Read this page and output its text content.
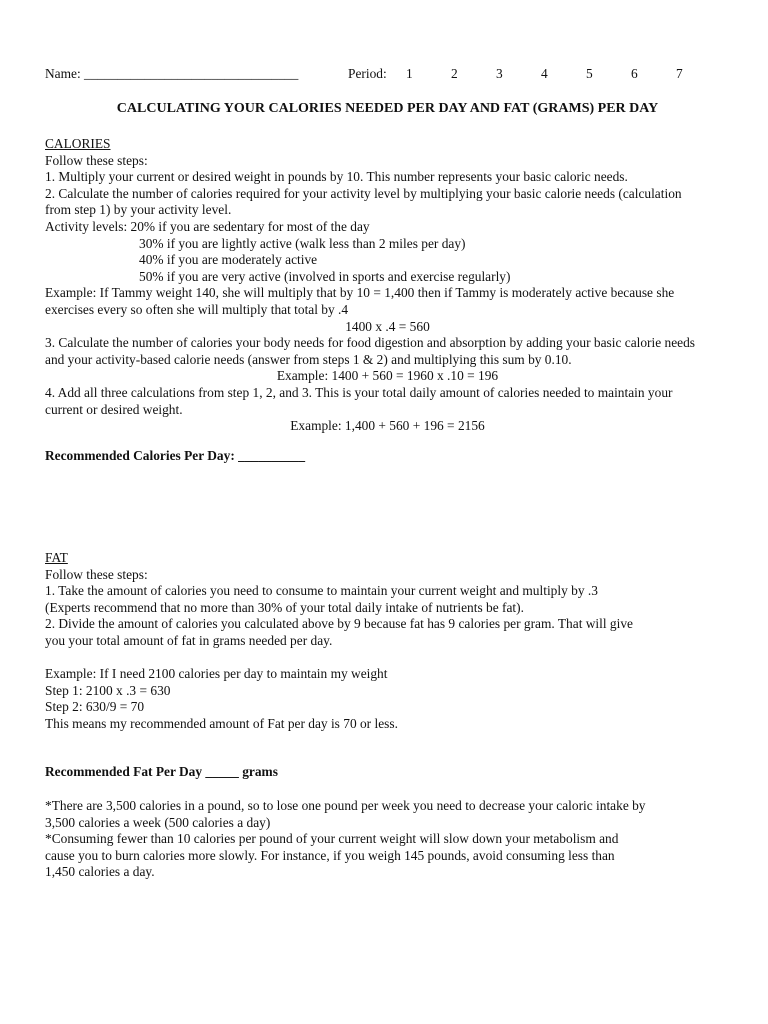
Name: ________________________________	Period: 1	2	3	4	5	6	7
CALCULATING YOUR CALORIES NEEDED PER DAY AND FAT (GRAMS) PER DAY
CALORIES
Follow these steps:
1. Multiply your current or desired weight in pounds by 10. This number represents your basic caloric needs.
2. Calculate the number of calories required for your activity level by multiplying your basic calorie needs (calculation
from step 1) by your activity level.
Activity levels: 20% if you are sedentary for most of the day
30% if you are lightly active (walk less than 2 miles per day)
40% if you are moderately active
50% if you are very active (involved in sports and exercise regularly)
Example: If Tammy weight 140, she will multiply that by 10 = 1,400 then if Tammy is moderately active because she
exercises every so often she will multiply that total by .4
1400 x .4 = 560
3. Calculate the number of calories your body needs for food digestion and absorption by adding your basic calorie needs
and your activity-based calorie needs (answer from steps 1 & 2) and multiplying this sum by 0.10.
Example: 1400 + 560 = 1960 x .10 = 196
4. Add all three calculations from step 1, 2, and 3. This is your total daily amount of calories needed to maintain your
current or desired weight.
Example: 1,400 + 560 + 196 = 2156
Recommended Calories Per Day: __________
FAT
Follow these steps:
1. Take the amount of calories you need to consume to maintain your current weight and multiply by .3
(Experts recommend that no more than 30% of your total daily intake of nutrients be fat).
2. Divide the amount of calories you calculated above by 9 because fat has 9 calories per gram. That will give
you your total amount of fat in grams needed per day.
Example: If I need 2100 calories per day to maintain my weight
Step 1: 2100 x .3 = 630
Step 2: 630/9 = 70
This means my recommended amount of Fat per day is 70 or less.
Recommended Fat Per Day _____ grams
*There are 3,500 calories in a pound, so to lose one pound per week you need to decrease your caloric intake by
3,500 calories a week (500 calories a day)
*Consuming fewer than 10 calories per pound of your current weight will slow down your metabolism and
cause you to burn calories more slowly. For instance, if you weigh 145 pounds, avoid consuming less than
1,450 calories a day.
